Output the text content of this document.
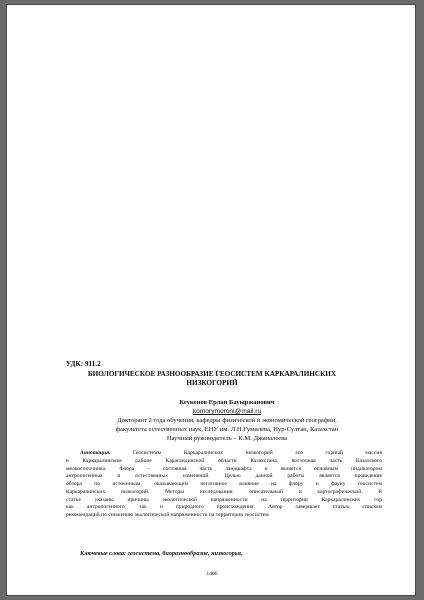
УДК: 911.2
БИОЛОГИЧЕСКОЕ РАЗНООБРАЗИЕ ГЕОСИСТЕМ КАРКАРАЛИНСКИХ
НИЗКОГОРИЙ
Кеукенов Ерлан Бауыржанович
komorymoroni@mail.ru
Докторант 2 года обучения, кафедры физической и экономической географии,
факультета естественных наук, ЕНУ им. Л.Н.Гумилева, Нур-Султан, Казахстан
Научный руководитель – К.М. Джаналеева
Аннотация. Геосистемы Каркаралинских низкогорий это горный массив
в Каркаралинском районе Карагандинской области Казахстана, восточная часть Казахского
мелкосопочника. Флора – составная часть ландшафта и является основным индикатором
антропогенных и естественных изменений. Целью данной работы является проведение
обзора по источникам, оказывающим негативное влияние на флору и фауну геосистем
Каркаралинских низкогорий. Методы исследования: описательный и картографический. В
статье указаны причины экологической напряженности на территории Каркаралинских гор
как антропогенного, так и природного происхождения. Автор завершает статью списком
рекомендаций по снижению экологической напряженности на территории геосистем.
Ключевые слова: геосистема, биоразнообразие, низкогорья,
1466
